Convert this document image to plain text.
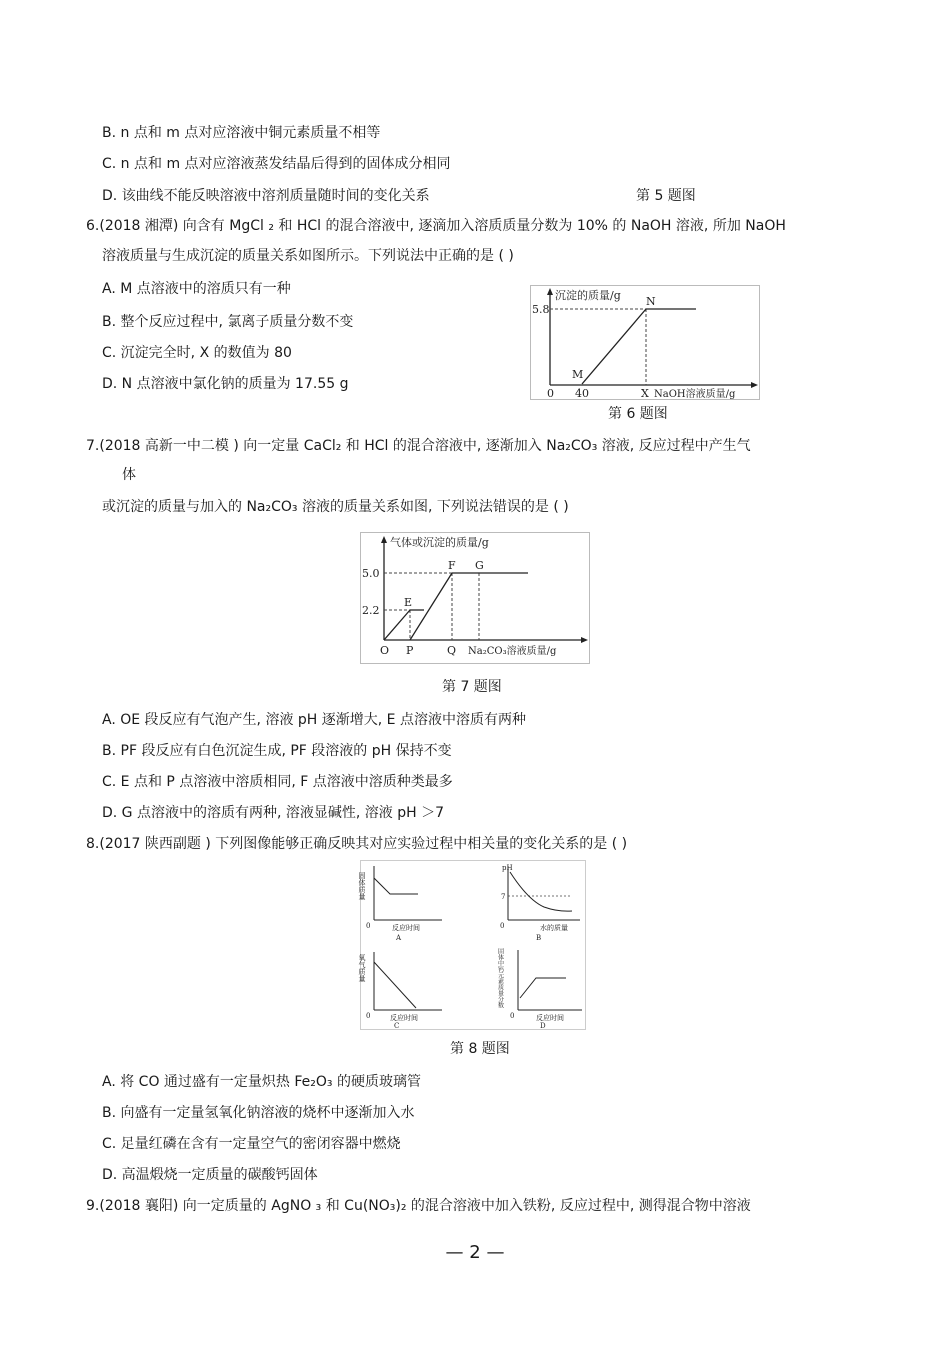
B. n 点和 m 点对应溶液中铜元素质量不相等
C. n 点和 m 点对应溶液蒸发结晶后得到的固体成分相同
D. 该曲线不能反映溶液中溶剂质量随时间的变化关系	第 5 题图
6.(2018 湘潭) 向含有 MgCl ₂ 和 HCl 的混合溶液中, 逐滴加入溶质质量分数为 10% 的 NaOH 溶液, 所加 NaOH
溶液质量与生成沉淀的质量关系如图所示。下列说法中正确的是 ( )
A. M 点溶液中的溶质只有一种
B. 整个反应过程中, 氯离子质量分数不变
C. 沉淀完全时, X 的数值为 80
D. N 点溶液中氯化钠的质量为 17.55 g
沉淀的质量/g
5.8
M
N
0 40	X NaOH溶液质量/g
第 6 题图
7.(2018 高新一中二模 ) 向一定量 CaCl₂ 和 HCl 的混合溶液中, 逐渐加入 Na₂CO₃ 溶液, 反应过程中产生气
体
或沉淀的质量与加入的 Na₂CO₃ 溶液的质量关系如图, 下列说法错误的是 ( )
气体或沉淀的质量/g
5.0
2.2
E
F G
O P	Q Na₂CO₃溶液质量/g
第 7 题图
A. OE 段反应有气泡产生, 溶液 pH 逐渐增大, E 点溶液中溶质有两种
B. PF 段反应有白色沉淀生成, PF 段溶液的 pH 保持不变
C. E 点和 P 点溶液中溶质相同, F 点溶液中溶质种类最多
D. G 点溶液中的溶质有两种, 溶液显碱性, 溶液 pH ＞7
8.(2017 陕西副题 ) 下列图像能够正确反映其对应实验过程中相关量的变化关系的是 ( )
固体质量
0	反应时间
A
pH
7
0	水的质量
B
氧气质量
0	反应时间
C
固体中钙元素质量分数
0	反应时间
D
第 8 题图
A. 将 CO 通过盛有一定量炽热 Fe₂O₃ 的硬质玻璃管
B. 向盛有一定量氢氧化钠溶液的烧杯中逐渐加入水
C. 足量红磷在含有一定量空气的密闭容器中燃烧
D. 高温煅烧一定质量的碳酸钙固体
9.(2018 襄阳) 向一定质量的 AgNO ₃ 和 Cu(NO₃)₂ 的混合溶液中加入铁粉, 反应过程中, 测得混合物中溶液
— 2 —
